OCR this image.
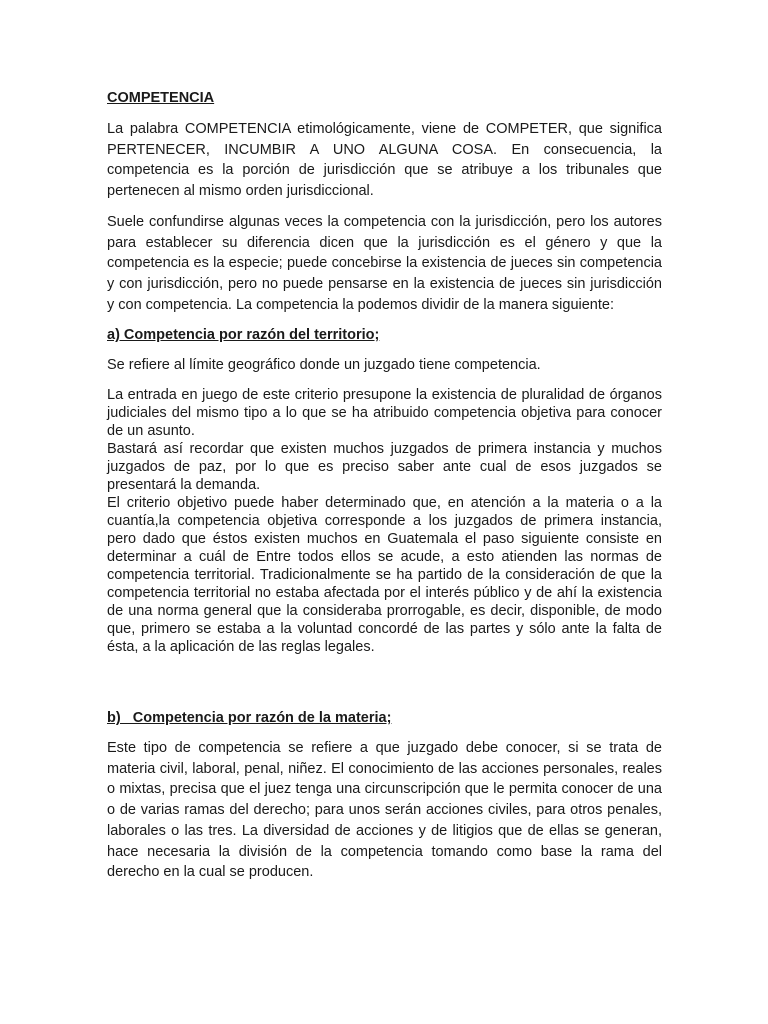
COMPETENCIA

La palabra COMPETENCIA etimológicamente, viene de COMPETER, que significa PERTENECER, INCUMBIR A UNO ALGUNA COSA. En consecuencia, la competencia es la porción de jurisdicción que se atribuye a los tribunales que pertenecen al mismo orden jurisdiccional.

Suele confundirse algunas veces la competencia con la jurisdicción, pero los autores para establecer su diferencia dicen que la jurisdicción es el género y que la competencia es la especie; puede concebirse la existencia de jueces sin competencia y con jurisdicción, pero no puede pensarse en la existencia de jueces sin jurisdicción y con competencia. La competencia la podemos dividir de la manera siguiente:

a) Competencia por razón del territorio;

Se refiere al límite geográfico donde un juzgado tiene competencia.

La entrada en juego de este criterio presupone la existencia de pluralidad de órganos judiciales del mismo tipo a lo que se ha atribuido competencia objetiva para conocer de un asunto.

Bastará así recordar que existen muchos juzgados de primera instancia y muchos juzgados de paz, por lo que es preciso saber ante cual de esos juzgados se presentará la demanda.

El criterio objetivo puede haber determinado que, en atención a la materia o a la cuantía,la competencia objetiva corresponde a los juzgados de primera instancia, pero dado que éstos existen muchos en Guatemala el paso siguiente consiste en determinar a cuál de Entre todos ellos se acude, a esto atienden las normas de competencia territorial. Tradicionalmente se ha partido de la consideración de que la competencia territorial no estaba afectada por el interés público y de ahí la existencia de una norma general que la consideraba prorrogable, es decir, disponible, de modo que, primero se estaba a la voluntad concordé de las partes y sólo ante la falta de ésta, a la aplicación de las reglas legales.

b)   Competencia por razón de la materia;

Este tipo de competencia se refiere a que juzgado debe conocer, si se trata de materia civil, laboral, penal, niñez. El conocimiento de las acciones personales, reales o mixtas, precisa que el juez tenga una circunscripción que le permita conocer de una o de varias ramas del derecho; para unos serán acciones civiles, para otros penales, laborales o las tres. La diversidad de acciones y de litigios que de ellas se generan, hace necesaria la división de la competencia tomando como base la rama del derecho en la cual se producen.
